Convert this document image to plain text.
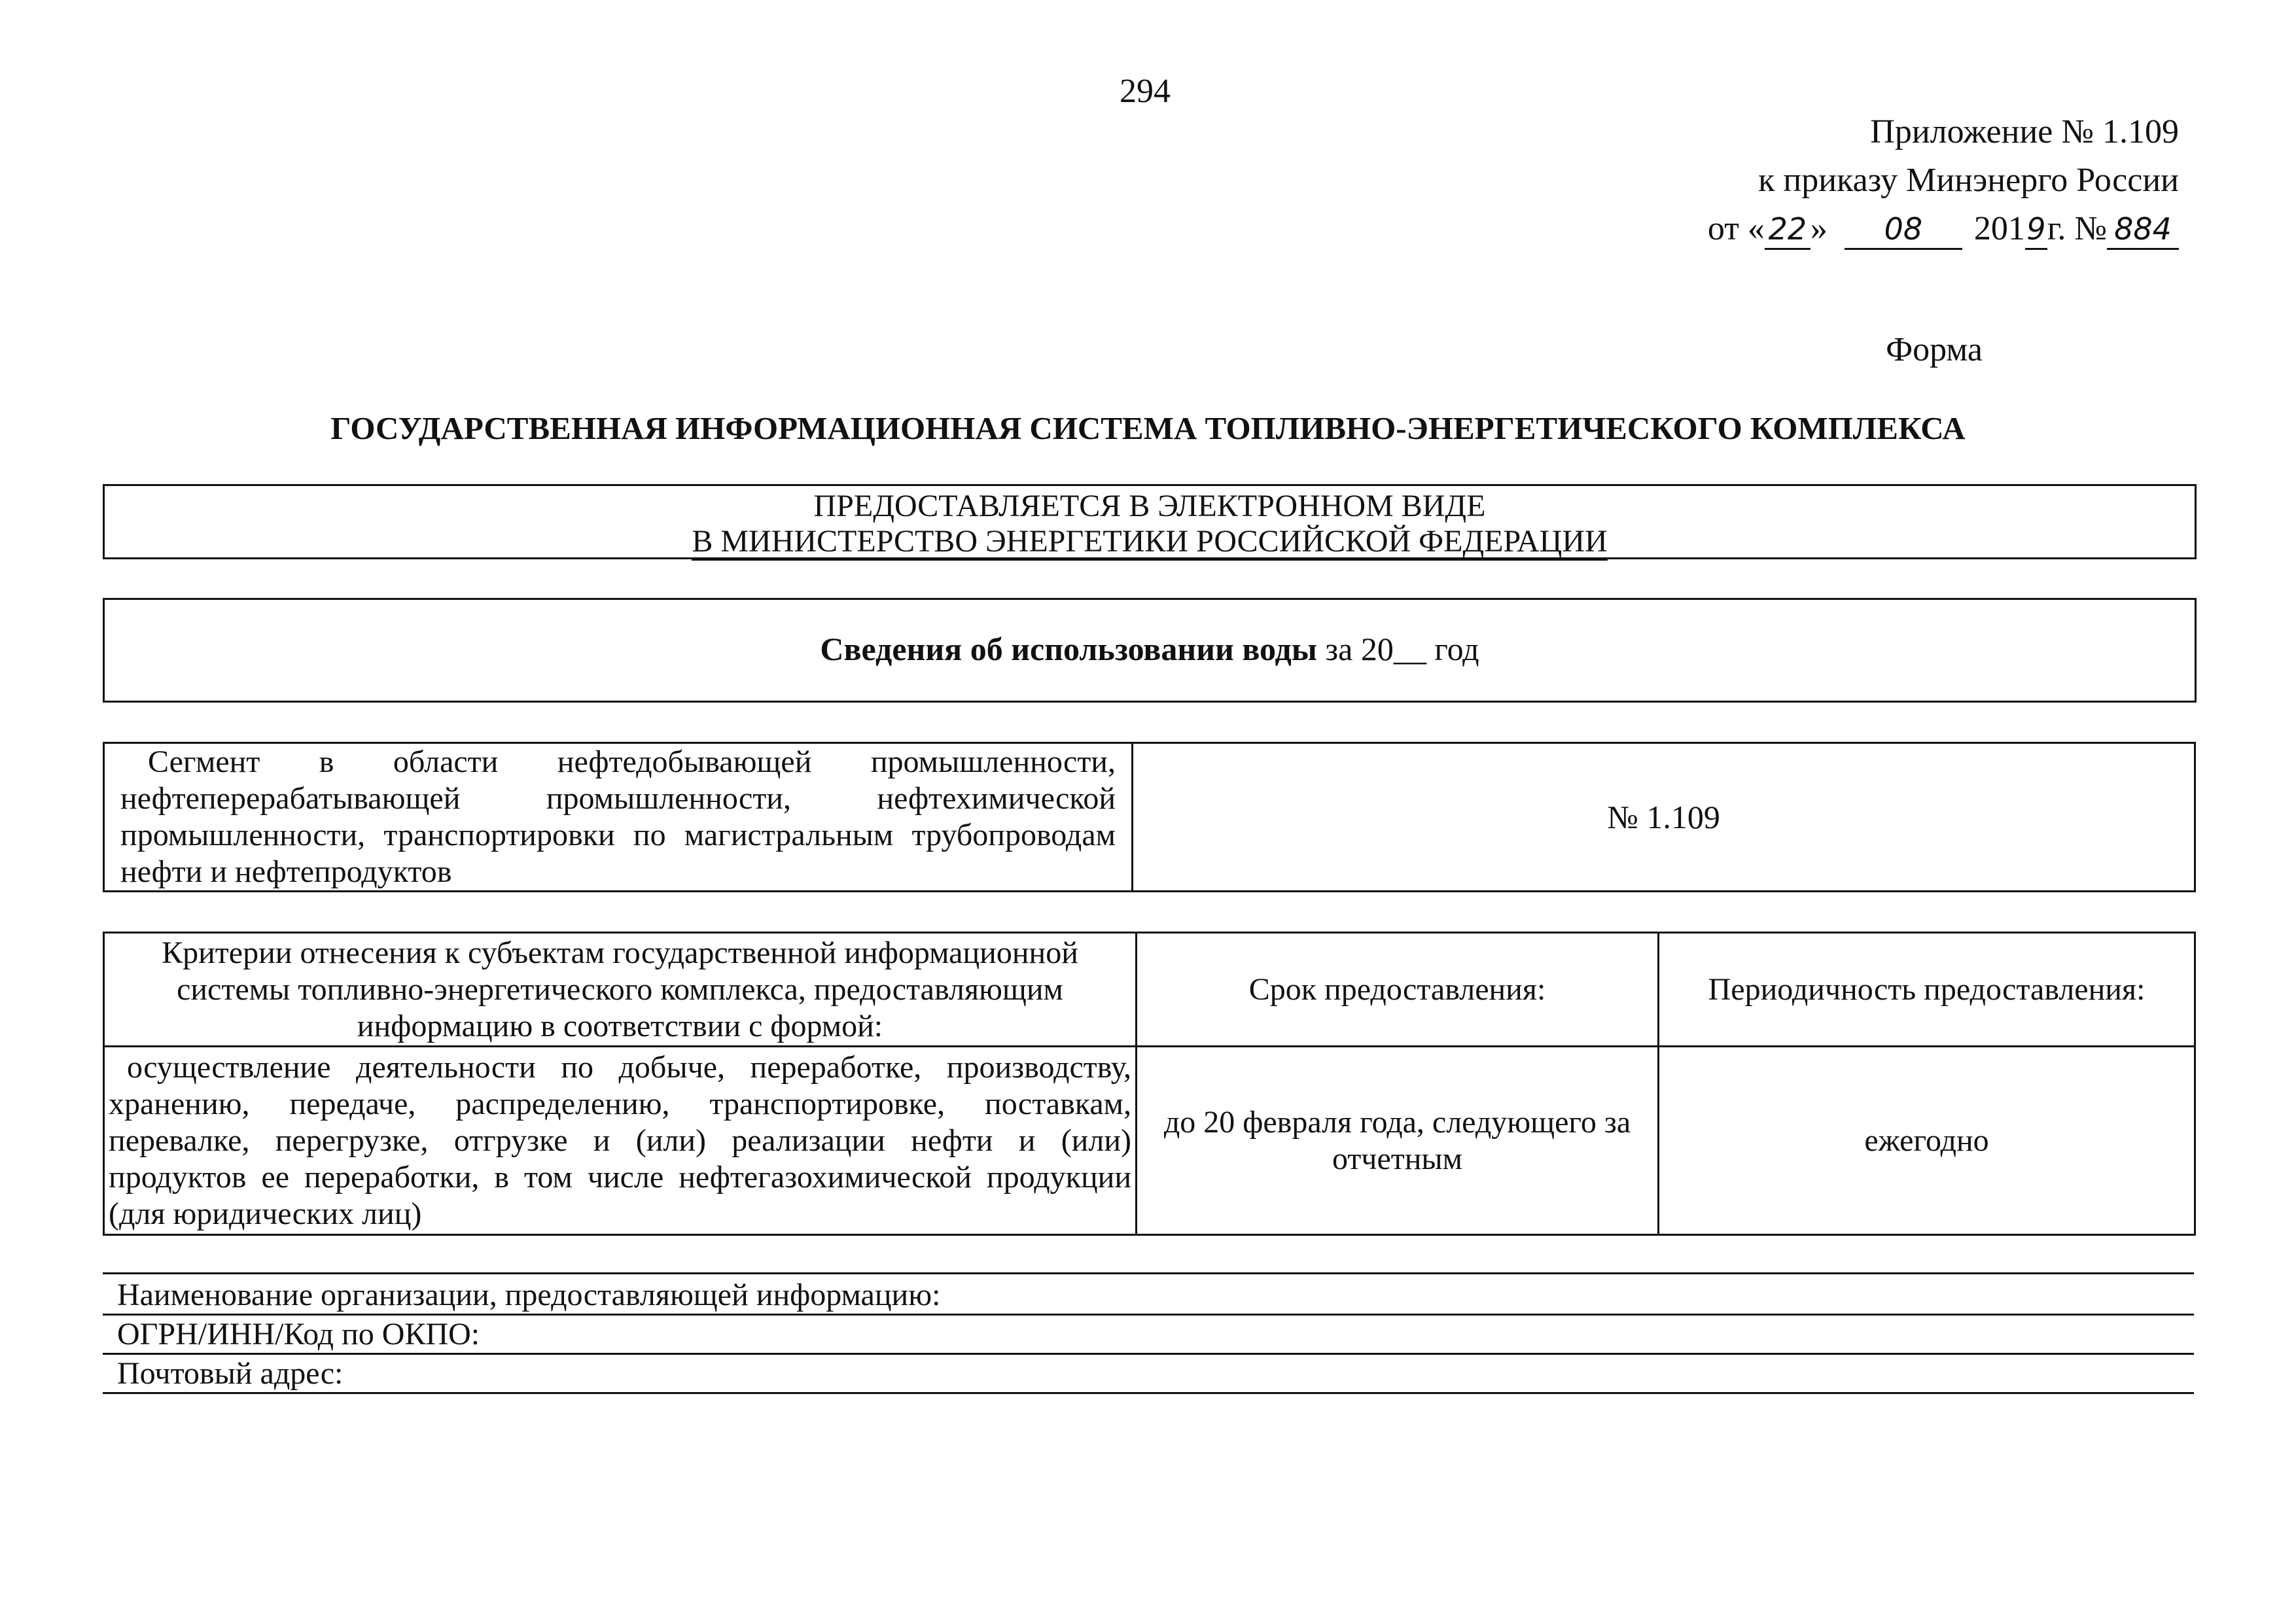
294
Приложение № 1.109
к приказу Минэнерго России
от « 22 » 08 2019г. № 884
Форма
ГОСУДАРСТВЕННАЯ ИНФОРМАЦИОННАЯ СИСТЕМА ТОПЛИВНО-ЭНЕРГЕТИЧЕСКОГО КОМПЛЕКСА
ПРЕДОСТАВЛЯЕТСЯ В ЭЛЕКТРОННОМ ВИДЕ
В МИНИСТЕРСТВО ЭНЕРГЕТИКИ РОССИЙСКОЙ ФЕДЕРАЦИИ
Сведения об использовании воды за 20__ год
Сегмент в области нефтедобывающей промышленности, нефтеперерабатывающей промышленности, нефтехимической промышленности, транспортировки по магистральным трубопроводам нефти и нефтепродуктов	№ 1.109
Критерии отнесения к субъектам государственной информационной системы топливно-энергетического комплекса, предоставляющим информацию в соответствии с формой:	Срок предоставления:	Периодичность предоставления:
осуществление деятельности по добыче, переработке, производству, хранению, передаче, распределению, транспортировке, поставкам, перевалке, перегрузке, отгрузке и (или) реализации нефти и (или) продуктов ее переработки, в том числе нефтегазохимической продукции (для юридических лиц)	до 20 февраля года, следующего за отчетным	ежегодно
Наименование организации, предоставляющей информацию:
ОГРН/ИНН/Код по ОКПО:
Почтовый адрес:
